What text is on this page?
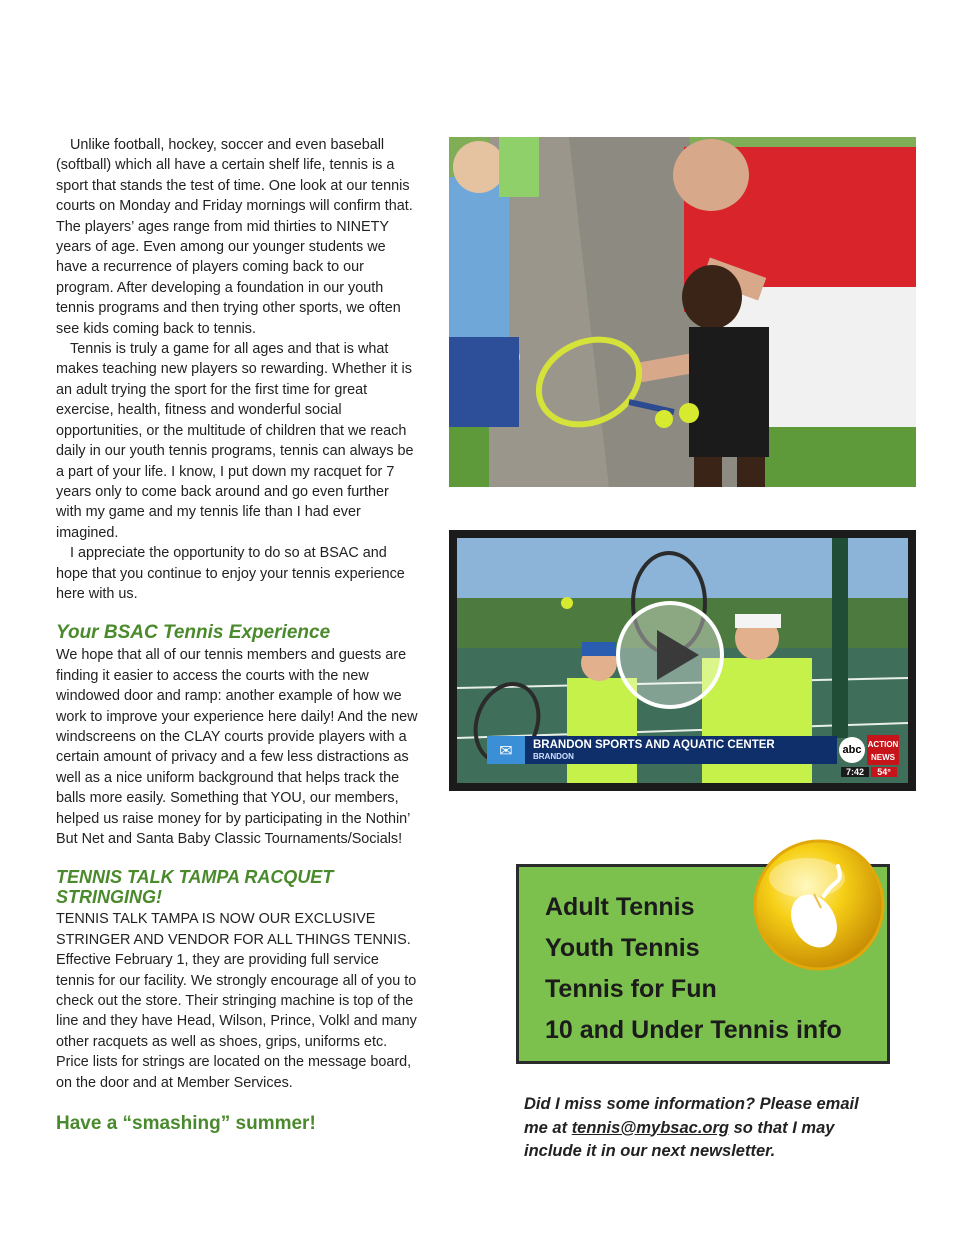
Unlike football, hockey, soccer and even baseball (softball) which all have a certain shelf life, tennis is a sport that stands the test of time. One look at our tennis courts on Monday and Friday mornings will confirm that. The players’ ages range from mid thirties to NINETY years of age. Even among our younger students we have a recurrence of players coming back to our program. After developing a foundation in our youth tennis programs and then trying other sports, we often see kids coming back to tennis.

Tennis is truly a game for all ages and that is what makes teaching new players so rewarding. Whether it is an adult trying the sport for the first time for great exercise, health, fitness and wonderful social opportunities, or the multitude of children that we reach daily in our youth tennis programs, tennis can always be a part of your life. I know, I put down my racquet for 7 years only to come back around and go even further with my game and my tennis life than I had ever imagined.

I appreciate the opportunity to do so at BSAC and hope that you continue to enjoy your tennis experience here with us.

Your BSAC Tennis Experience

We hope that all of our tennis members and guests are finding it easier to access the courts with the new windowed door and ramp: another example of how we work to improve your experience here daily! And the new windscreens on the CLAY courts provide players with a certain amount of privacy and a few less distractions as well as a nice uniform background that helps track the balls more easily. Something that YOU, our members, helped us raise money for by participating in the Nothin’ But Net and Santa Baby Classic Tournaments/Socials!

TENNIS TALK TAMPA RACQUET STRINGING!

TENNIS TALK TAMPA IS NOW OUR EXCLUSIVE STRINGER AND VENDOR FOR ALL THINGS TENNIS. Effective February 1, they are providing full service tennis for our facility. We strongly encourage all of you to check out the store. Their stringing machine is top of the line and they have Head, Wilson, Prince, Volkl and many other racquets as well as shoes, grips, uniforms etc. Price lists for strings are located on the message board, on the door and at Member Services.

Have a “smashing” summer!
✉	BRANDON SPORTS AND AQUATIC CENTER
BRANDON	abc ACTION
NEWS
7:42	54°
Adult Tennis
Youth Tennis
Tennis for Fun
10 and Under Tennis info

Did I miss some information? Please email me at tennis@mybsac.org so that I may include it in our next newsletter.
